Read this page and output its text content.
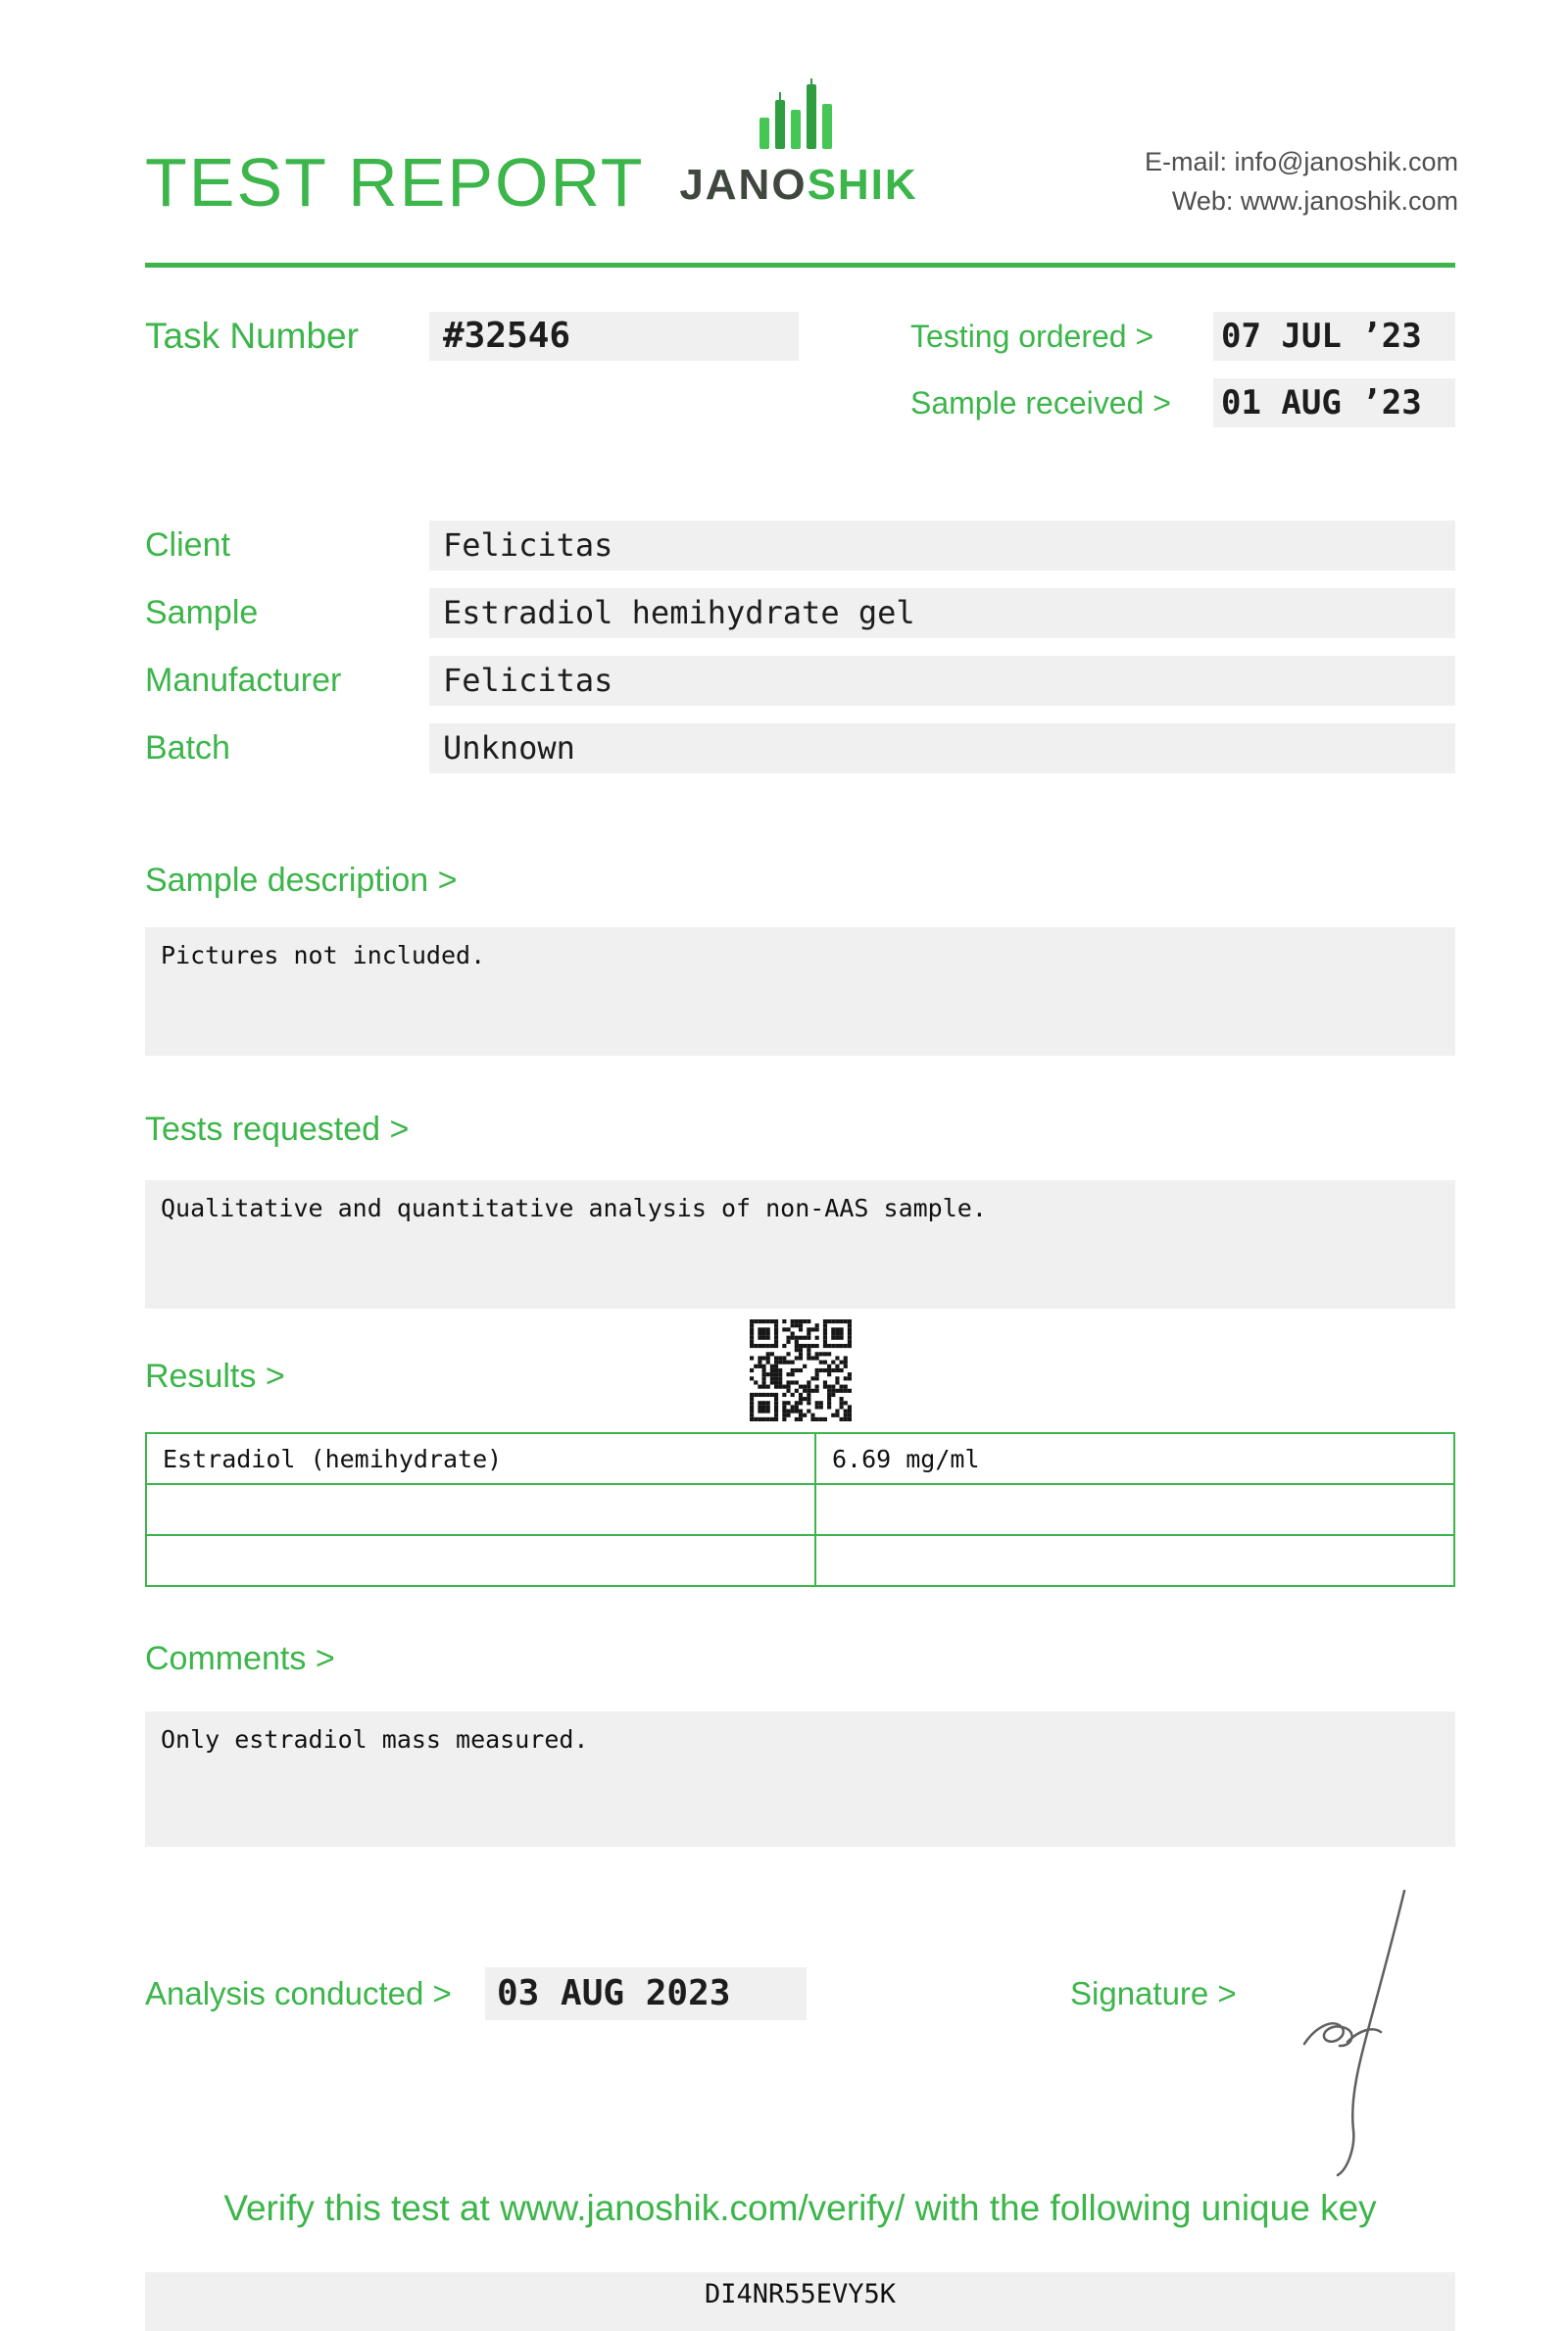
TEST REPORT JANOSHIK	E-mail: info@janoshik.com
Web: www.janoshik.com
Task Number	#32546	Testing ordered > 07 JUL ’23
Sample received > 01 AUG ’23
Client	Felicitas
Sample	Estradiol hemihydrate gel
Manufacturer	Felicitas
Batch	Unknown
Sample description >
Pictures not included.
Tests requested >
Qualitative and quantitative analysis of non-AAS sample.
Results >
Estradiol (hemihydrate)	6.69 mg/ml

Comments >
Only estradiol mass measured.
Analysis conducted >	03 AUG 2023	Signature >
Verify this test at www.janoshik.com/verify/ with the following unique key
DI4NR55EVY5K
